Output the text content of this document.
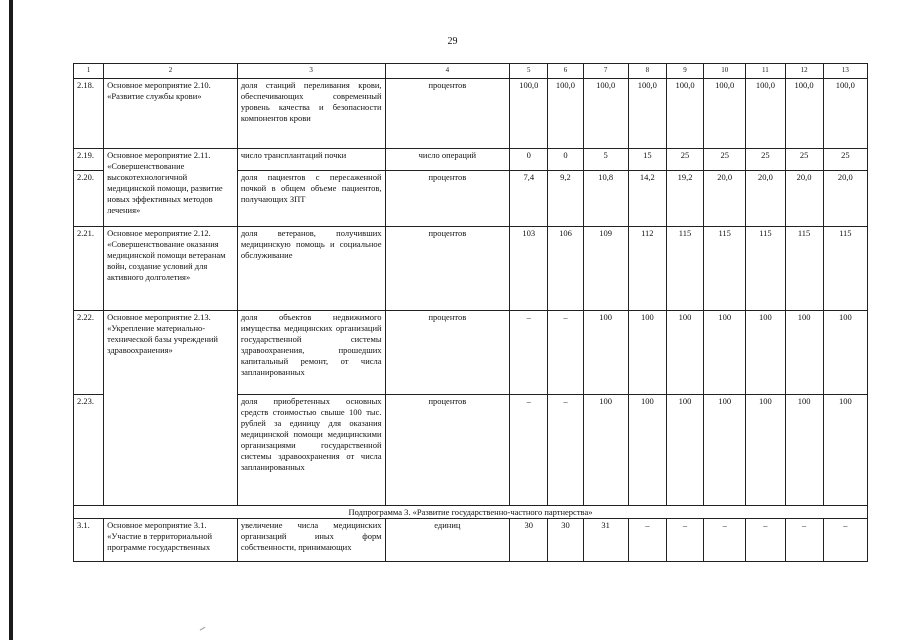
29
1	2	3	4	5	6	7	8	9	10	11	12	13
2.18.	Основное мероприятие 2.10. «Развитие службы крови»	доля станций переливания крови, обеспечивающих современный уровень качества и безопасности компонентов крови	процентов	100,0	100,0	100,0	100,0	100,0	100,0	100,0	100,0	100,0
2.19.	Основное мероприятие 2.11. «Совершенствование высокотехнологичной медицинской помощи, развитие новых эффективных методов лечения»	число трансплантаций почки	число операций	0	0	5	15	25	25	25	25	25
2.20.		доля пациентов с пересаженной почкой в общем объеме пациентов, получающих ЗПТ	процентов	7,4	9,2	10,8	14,2	19,2	20,0	20,0	20,0	20,0
2.21.	Основное мероприятие 2.12. «Совершенствование оказания медицинской помощи ветеранам войн, создание условий для активного долголетия»	доля ветеранов, получивших медицинскую помощь и социальное обслуживание	процентов	103	106	109	112	115	115	115	115	115
2.22.	Основное мероприятие 2.13. «Укрепление материально-технической базы учреждений здравоохранения»	доля объектов недвижимого имущества медицинских организаций государственной системы здравоохранения, прошедших капитальный ремонт, от числа запланированных	процентов	–	–	100	100	100	100	100	100	100
2.23.		доля приобретенных основных средств стоимостью свыше 100 тыс. рублей за единицу для оказания медицинской помощи медицинскими организациями государственной системы здравоохранения от числа запланированных	процентов	–	–	100	100	100	100	100	100	100
Подпрограмма 3. «Развитие государственно-частного партнерства»												
3.1.	Основное мероприятие 3.1. «Участие в территориальной программе государственных	увеличение числа медицинских организаций иных форм собственности, принимающих	единиц	30	30	31	–	–	–	–	–	–
